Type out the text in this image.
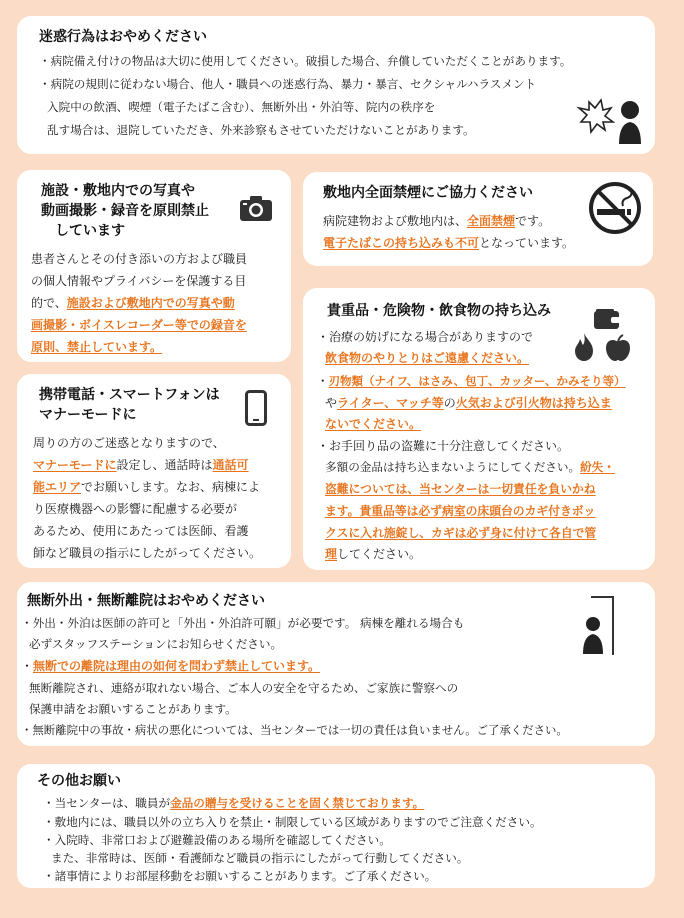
迷惑行為はおやめください
・病院備え付けの物品は大切に使用してください。破損した場合、弁償していただくことがあります。
・病院の規則に従わない場合、他人・職員への迷惑行為、暴力・暴言、セクシャルハラスメント
入院中の飲酒、喫煙（電子たばこ含む）、無断外出・外泊等、院内の秩序を
乱す場合は、退院していただき、外来診察もさせていただけないことがあります。
施設・敷地内での写真や
動画撮影・録音を原則禁止
しています
患者さんとその付き添いの方および職員
の個人情報やプライバシーを保護する目
的で、施設および敷地内での写真や動
画撮影・ボイスレコーダー等での録音を
原則、禁止しています。
敷地内全面禁煙にご協力ください
病院建物および敷地内は、全面禁煙です。
電子たばこの持ち込みも不可となっています。
貴重品・危険物・飲食物の持ち込み
・治療の妨げになる場合がありますので
飲食物のやりとりはご遠慮ください。
・刃物類（ナイフ、はさみ、包丁、カッター、かみそり等）
やライター、マッチ等の火気および引火物は持ち込ま
ないでください。
・お手回り品の盗難に十分注意してください。
多額の金品は持ち込まないようにしてください。紛失・
盗難については、当センターは一切責任を負いかね
ます。貴重品等は必ず病室の床頭台のカギ付きボッ
クスに入れ施錠し、カギは必ず身に付けて各自で管
理してください。
携帯電話・スマートフォンは
マナーモードに
周りの方のご迷惑となりますので、
マナーモードに設定し、通話時は通話可
能エリアでお願いします。なお、病棟によ
り医療機器への影響に配慮する必要が
あるため、使用にあたっては医師、看護
師など職員の指示にしたがってください。
無断外出・無断離院はおやめください
・外出・外泊は医師の許可と「外出・外泊許可願」が必要です。 病棟を離れる場合も
必ずスタッフステーションにお知らせください。
・無断での離院は理由の如何を問わず禁止しています。
無断離院され、連絡が取れない場合、ご本人の安全を守るため、ご家族に警察への
保護申請をお願いすることがあります。
・無断離院中の事故・病状の悪化については、当センターでは一切の責任は負いません。ご了承ください。
その他お願い
・当センターは、職員が金品の贈与を受けることを固く禁じております。
・敷地内には、職員以外の立ち入りを禁止・制限している区域がありますのでご注意ください。
・入院時、非常口および避難設備のある場所を確認してください。
また、非常時は、医師・看護師など職員の指示にしたがって行動してください。
・諸事情によりお部屋移動をお願いすることがあります。ご了承ください。
